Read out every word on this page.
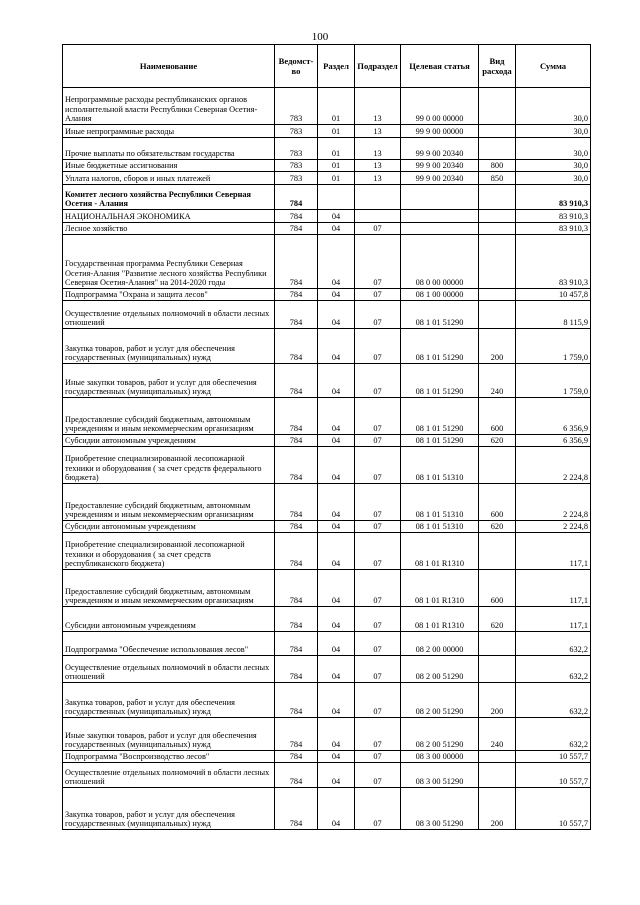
100
Наименование	Ведомст-во	Раздел	Подраздел	Целевая статья	Вид расхода	Сумма
Непрограммные расходы республиканских органов исполнительной власти Республики Северная Осетия-Алания	783	01	13	99 0 00 00000		30,0
Иные непрограммные расходы	783	01	13	99 9 00 00000		30,0
Прочие выплаты по обязательствам государства	783	01	13	99 9 00 20340		30,0
Иные бюджетные ассигнования	783	01	13	99 9 00 20340	800	30,0
Уплата налогов, сборов и иных платежей	783	01	13	99 9 00 20340	850	30,0
Комитет лесного хозяйства Республики Северная Осетия - Алания	784					83 910,3
НАЦИОНАЛЬНАЯ ЭКОНОМИКА	784	04				83 910,3
Лесное хозяйство	784	04	07			83 910,3
Государственная программа Республики Северная Осетия-Алания "Развитие лесного хозяйства Республики Северная Осетия-Алания" на 2014-2020 годы	784	04	07	08 0 00 00000		83 910,3
Подпрограмма "Охрана и защита лесов"	784	04	07	08 1 00 00000		10 457,8
Осуществление отдельных полномочий в области лесных отношений	784	04	07	08 1 01 51290		8 115,9
Закупка товаров, работ и услуг для обеспечения государственных (муниципальных) нужд	784	04	07	08 1 01 51290	200	1 759,0
Иные закупки товаров, работ и услуг для обеспечения государственных (муниципальных) нужд	784	04	07	08 1 01 51290	240	1 759,0
Предоставление субсидий бюджетным, автономным учреждениям и иным некоммерческим организациям	784	04	07	08 1 01 51290	600	6 356,9
Субсидии автономным учреждениям	784	04	07	08 1 01 51290	620	6 356,9
Приобретение специализированной лесопожарной техники и оборудования ( за счет средств федерального бюджета)	784	04	07	08 1 01 51310		2 224,8
Предоставление субсидий бюджетным, автономным учреждениям и иным некоммерческим организациям	784	04	07	08 1 01 51310	600	2 224,8
Субсидии автономным учреждениям	784	04	07	08 1 01 51310	620	2 224,8
Приобретение специализированной лесопожарной техники и оборудования ( за счет средств республиканского бюджета)	784	04	07	08 1 01 R1310		117,1
Предоставление субсидий бюджетным, автономным учреждениям и иным некоммерческим организациям	784	04	07	08 1 01 R1310	600	117,1
Субсидии автономным учреждениям	784	04	07	08 1 01 R1310	620	117,1
Подпрограмма "Обеспечение использования лесов"	784	04	07	08 2 00 00000		632,2
Осуществление отдельных полномочий в области лесных отношений	784	04	07	08 2 00 51290		632,2
Закупка товаров, работ и услуг для обеспечения государственных (муниципальных) нужд	784	04	07	08 2 00 51290	200	632,2
Иные закупки товаров, работ и услуг для обеспечения государственных (муниципальных) нужд	784	04	07	08 2 00 51290	240	632,2
Подпрограмма "Воспроизводство лесов"	784	04	07	08 3 00 00000		10 557,7
Осуществление отдельных полномочий в области лесных отношений	784	04	07	08 3 00 51290		10 557,7
Закупка товаров, работ и услуг для обеспечения государственных (муниципальных) нужд	784	04	07	08 3 00 51290	200	10 557,7
